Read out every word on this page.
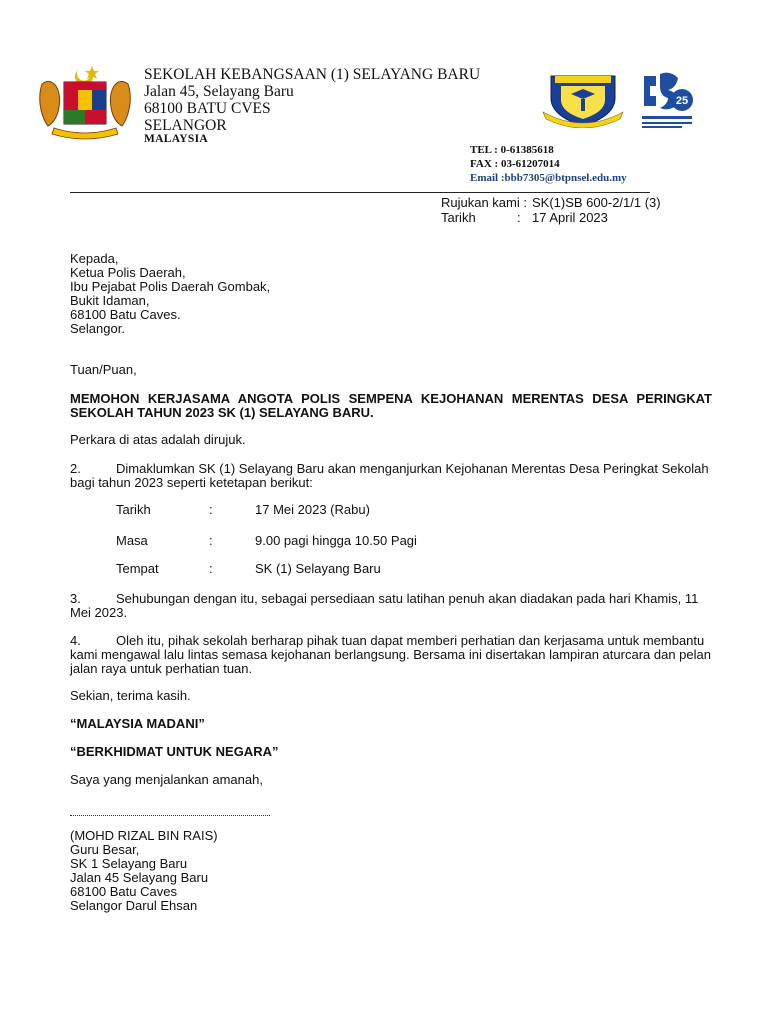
SEKOLAH KEBANGSAAN (1) SELAYANG BARU
Jalan 45, Selayang Baru
68100 BATU CVES
SELANGOR
MALAYSIA
25
TEL : 0-61385618
FAX : 03-61207014
Email :bbb7305@btpnsel.edu.my
Rujukan kami : SK(1)SB 600-2/1/1 (3)
Tarikh	: 17 April 2023
Kepada,
Ketua Polis Daerah,
Ibu Pejabat Polis Daerah Gombak,
Bukit Idaman,
68100 Batu Caves.
Selangor.
Tuan/Puan,
MEMOHON KERJASAMA ANGOTA POLIS SEMPENA KEJOHANAN MERENTAS DESA PERINGKAT SEKOLAH TAHUN 2023 SK (1) SELAYANG BARU.
Perkara di atas adalah dirujuk.
2.	Dimaklumkan SK (1) Selayang Baru akan menganjurkan Kejohanan Merentas Desa Peringkat Sekolah
bagi tahun 2023 seperti ketetapan berikut:
Tarikh	:	17 Mei 2023 (Rabu)
Masa	:	9.00 pagi hingga 10.50 Pagi
Tempat	:	SK (1) Selayang Baru
3.	Sehubungan dengan itu, sebagai persediaan satu latihan penuh akan diadakan pada hari Khamis, 11
Mei 2023.
4.	Oleh itu, pihak sekolah berharap pihak tuan dapat memberi perhatian dan kerjasama untuk membantu
kami mengawal lalu lintas semasa kejohanan berlangsung. Bersama ini disertakan lampiran aturcara dan pelan
jalan raya untuk perhatian tuan.
Sekian, terima kasih.
“MALAYSIA MADANI”
“BERKHIDMAT UNTUK NEGARA”
Saya yang menjalankan amanah,
(MOHD RIZAL BIN RAIS)
Guru Besar,
SK 1 Selayang Baru
Jalan 45 Selayang Baru
68100 Batu Caves
Selangor Darul Ehsan
